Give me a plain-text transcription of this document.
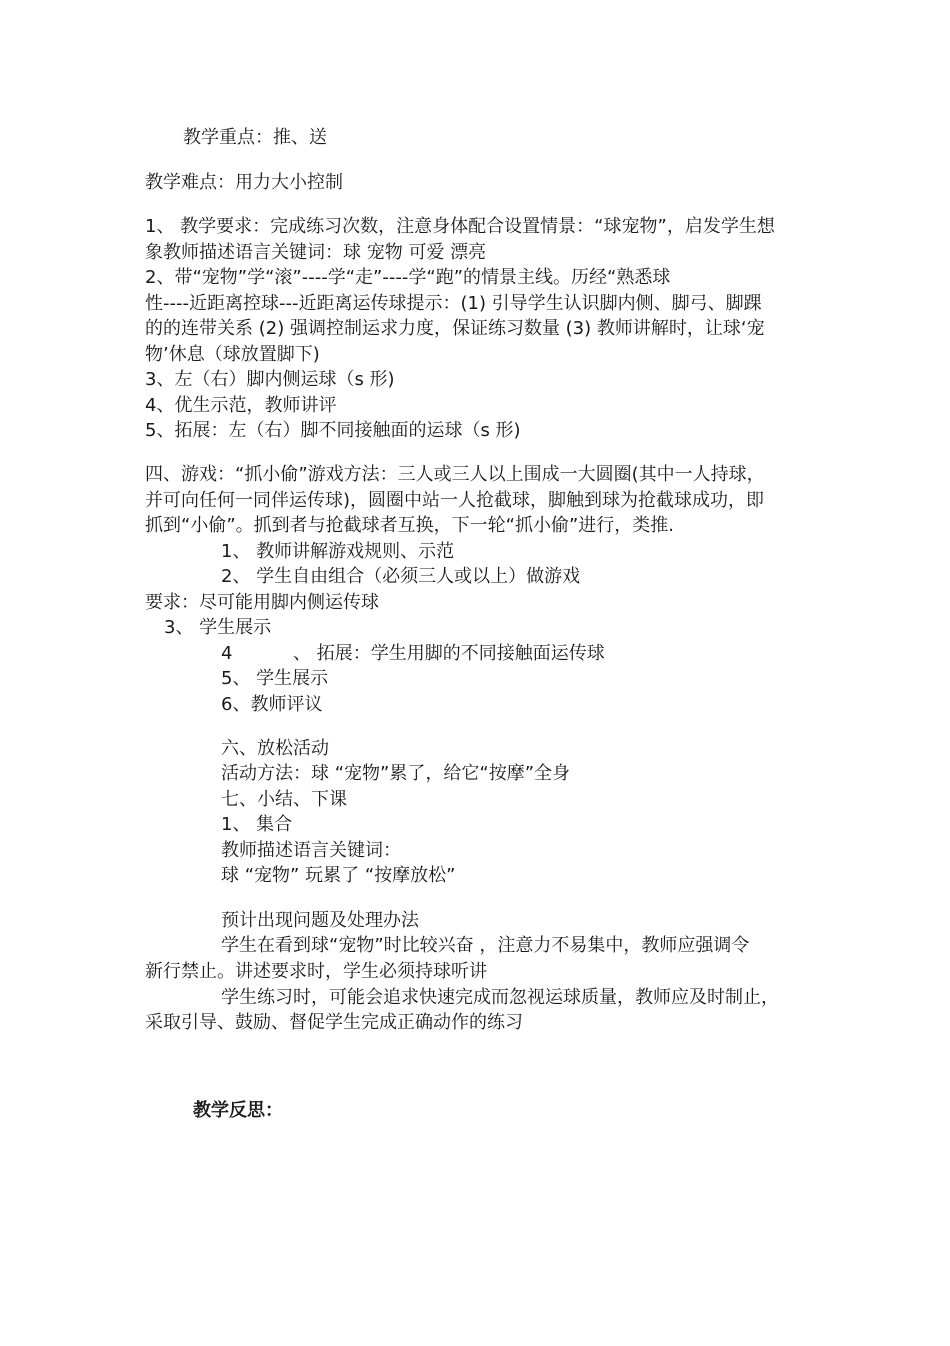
教学重点：推、送
教学难点：用力大小控制
1、 教学要求：完成练习次数，注意身体配合设置情景：“球宠物”，启发学生想
象教师描述语言关键词：球 宠物 可爱 漂亮
2、带“宠物”学“滚”----学“走”----学“跑”的情景主线。历经“熟悉球
性----近距离控球---近距离运传球提示：(1) 引导学生认识脚内侧、脚弓、脚踝
的的连带关系 (2) 强调控制运求力度，保证练习数量 (3) 教师讲解时，让球‘宠
物’休息（球放置脚下)
3、左（右）脚内侧运球（s 形)
4、优生示范，教师讲评
5、拓展：左（右）脚不同接触面的运球（s 形)
四、游戏：“抓小偷”游戏方法：三人或三人以上围成一大圆圈(其中一人持球，
并可向任何一同伴运传球)，圆圈中站一人抢截球，脚触到球为抢截球成功，即
抓到“小偷”。抓到者与抢截球者互换，下一轮“抓小偷”进行，类推.
1、 教师讲解游戏规则、示范
2、 学生自由组合（必须三人或以上）做游戏
要求：尽可能用脚内侧运传球
3、 学生展示
4	、 拓展：学生用脚的不同接触面运传球
5、 学生展示
6、教师评议
六、放松活动
活动方法：球 “宠物”累了，给它“按摩”全身
七、小结、下课
1、 集合
教师描述语言关键词：
球 “宠物” 玩累了 “按摩放松”
预计出现问题及处理办法
学生在看到球“宠物”时比较兴奋 ，注意力不易集中，教师应强调令
新行禁止。讲述要求时，学生必须持球听讲
学生练习时，可能会追求快速完成而忽视运球质量，教师应及时制止，
采取引导、鼓励、督促学生完成正确动作的练习
教学反思：
